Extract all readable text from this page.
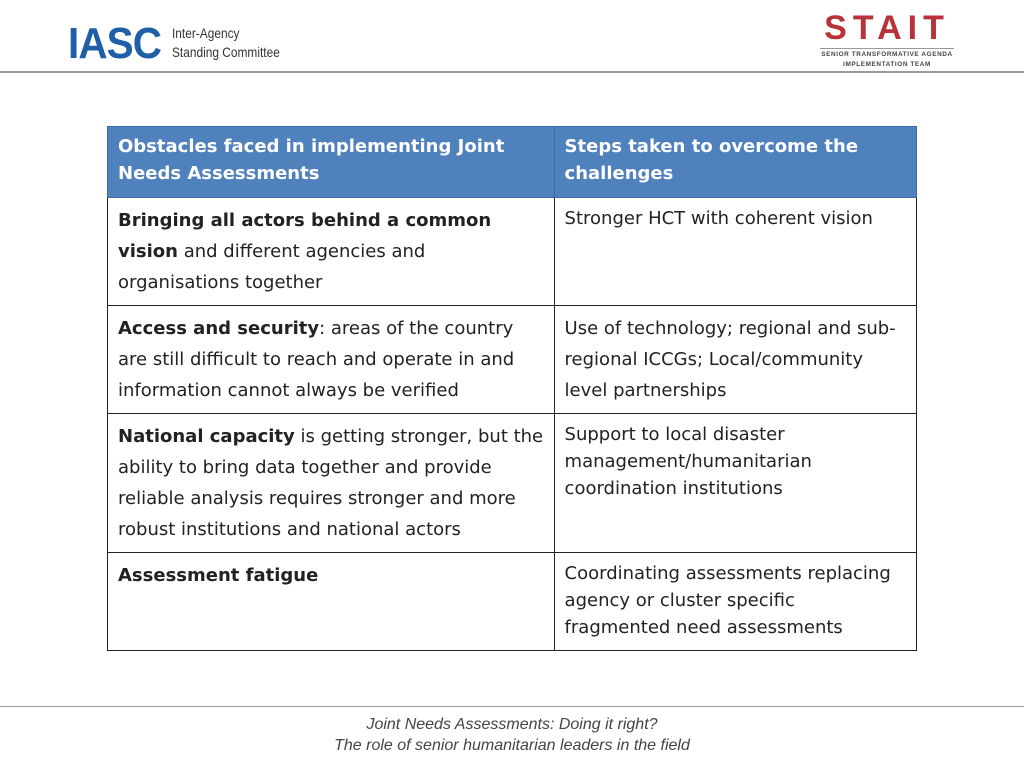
IASC Inter-Agency
Standing Committee
STAIT
SENIOR TRANSFORMATIVE AGENDA
IMPLEMENTATION TEAM
Obstacles faced in implementing Joint Needs Assessments	Steps taken to overcome the challenges
Bringing all actors behind a common vision and different agencies and organisations together	Stronger HCT with coherent vision
Access and security: areas of the country are still difficult to reach and operate in and information cannot always be verified	Use of technology; regional and sub-regional ICCGs; Local/community level partnerships
National capacity is getting stronger, but the ability to bring data together and provide reliable analysis requires stronger and more robust institutions and national actors	Support to local disaster management/humanitarian coordination institutions
Assessment fatigue	Coordinating assessments replacing agency or cluster specific fragmented need assessments
Joint Needs Assessments: Doing it right?
The role of senior humanitarian leaders in the field
